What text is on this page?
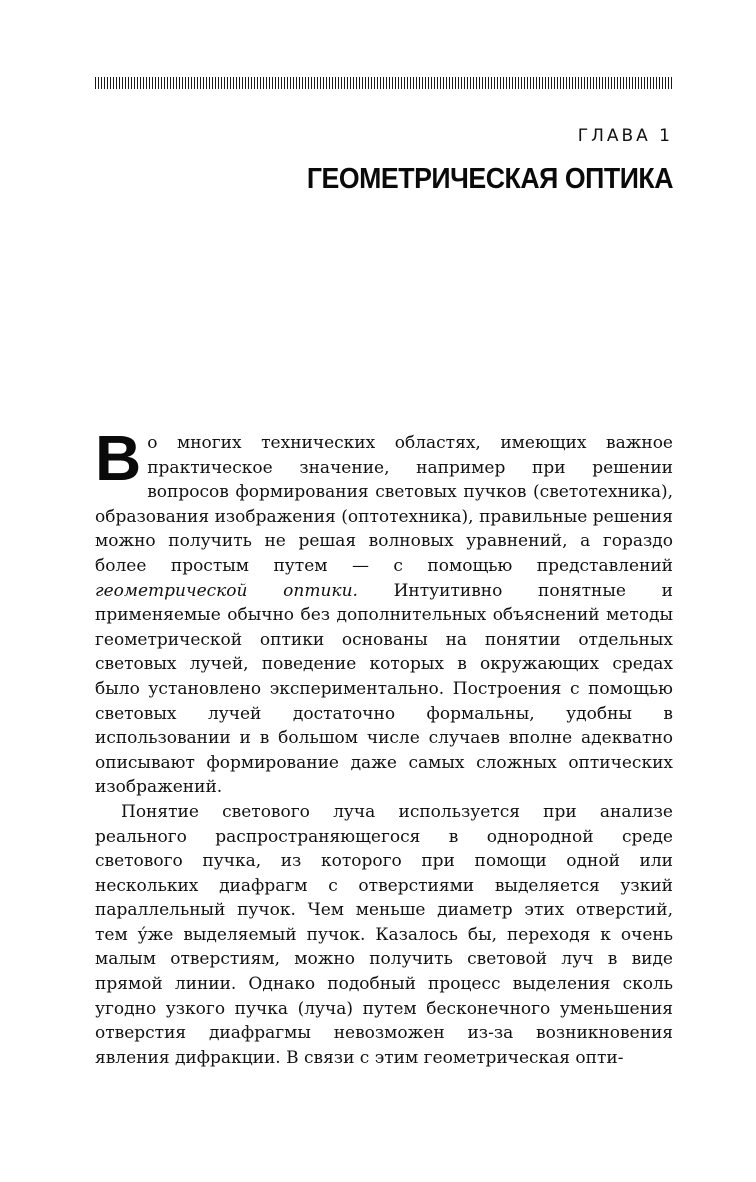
ГЛАВА 1
ГЕОМЕТРИЧЕСКАЯ ОПТИКА

Во многих технических областях, имеющих важное практическое значение, например при решении вопросов формирования световых пучков (светотехника), образования изображения (оптотехника), правильные решения можно получить не решая волновых уравнений, а гораздо более простым путем — с помощью представлений геометрической оптики. Интуитивно понятные и применяемые обычно без дополнительных объяснений методы геометрической оптики основаны на понятии отдельных световых лучей, поведение которых в окружающих средах было установлено экспериментально. Построения с помощью световых лучей достаточно формальны, удобны в использовании и в большом числе случаев вполне адекватно описывают формирование даже самых сложных оптических изображений.

Понятие светового луча используется при анализе реального распространяющегося в однородной среде светового пучка, из которого при помощи одной или нескольких диафрагм с отверстиями выделяется узкий параллельный пучок. Чем меньше диаметр этих отверстий, тем у́же выделяемый пучок. Казалось бы, переходя к очень малым отверстиям, можно получить световой луч в виде прямой линии. Однако подобный процесс выделения сколь угодно узкого пучка (луча) путем бесконечного уменьшения отверстия диафрагмы невозможен из-за возникновения явления дифракции. В связи с этим геометрическая опти-
